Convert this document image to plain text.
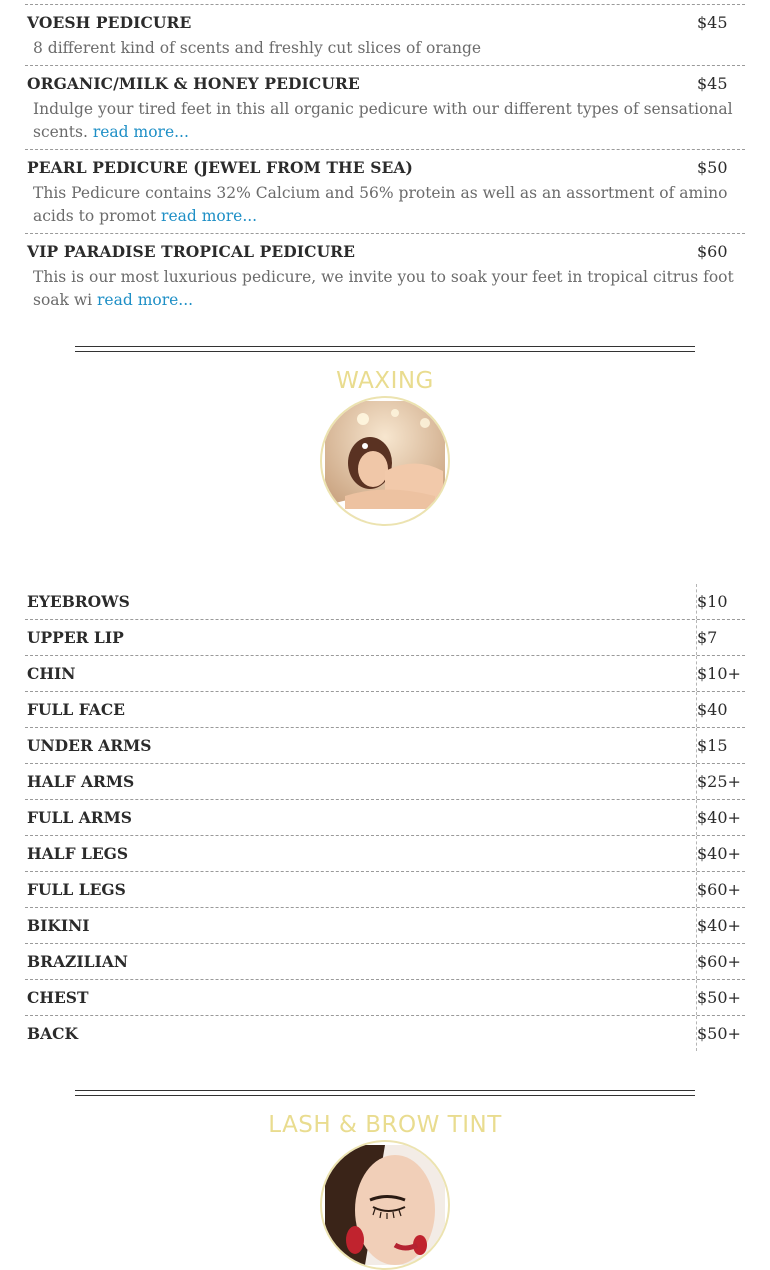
VOESH PEDICURE	$45
8 different kind of scents and freshly cut slices of orange
ORGANIC/MILK & HONEY PEDICURE	$45
Indulge your tired feet in this all organic pedicure with our different types of sensational scents. read more...
PEARL PEDICURE (JEWEL FROM THE SEA)	$50
This Pedicure contains 32% Calcium and 56% protein as well as an assortment of amino acids to promot read more...
VIP PARADISE TROPICAL PEDICURE	$60
This is our most luxurious pedicure, we invite you to soak your feet in tropical citrus foot soak wi read more...
WAXING
EYEBROWS	$10
UPPER LIP	$7
CHIN	$10+
FULL FACE	$40
UNDER ARMS	$15
HALF ARMS	$25+
FULL ARMS	$40+
HALF LEGS	$40+
FULL LEGS	$60+
BIKINI	$40+
BRAZILIAN	$60+
CHEST	$50+
BACK	$50+
LASH & BROW TINT
